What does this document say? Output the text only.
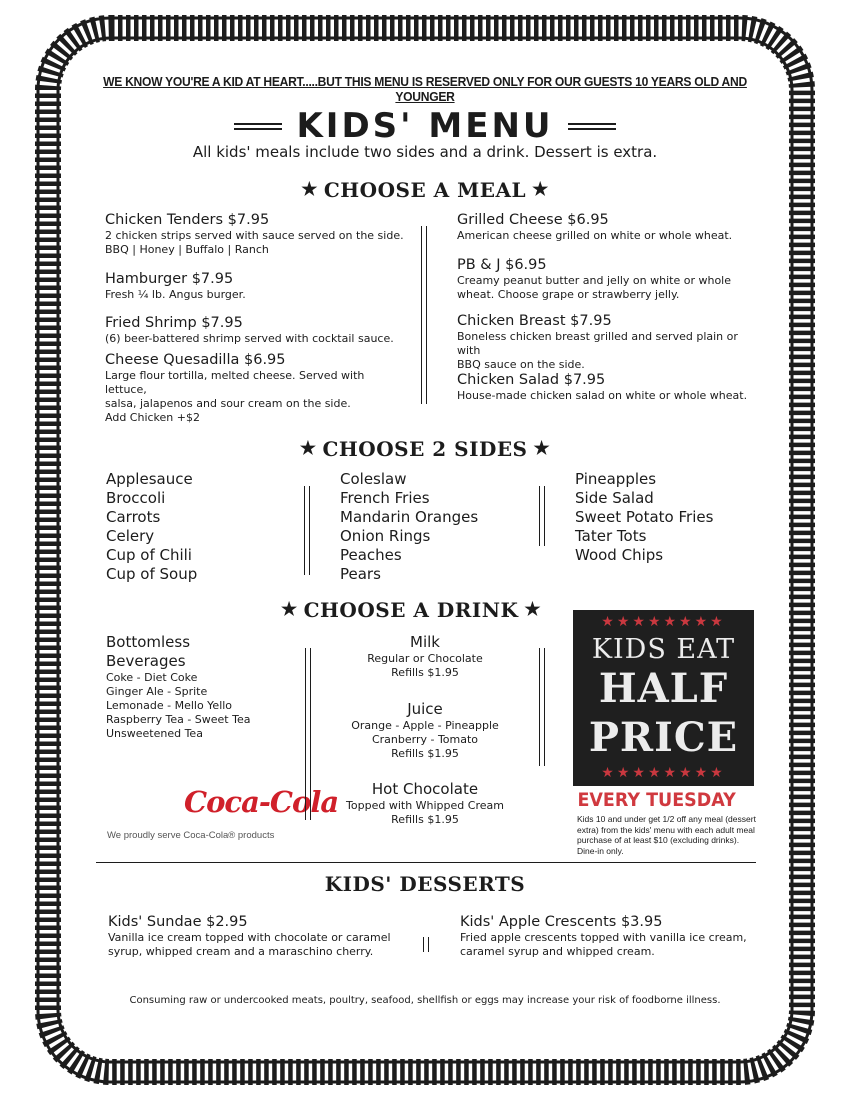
WE KNOW YOU'RE A KID AT HEART.....BUT THIS MENU IS RESERVED ONLY FOR OUR GUESTS 10 YEARS OLD AND YOUNGER
KIDS' MENU
All kids' meals include two sides and a drink. Dessert is extra.
★ CHOOSE A MEAL ★
Chicken Tenders $7.95
2 chicken strips served with sauce served on the side.
BBQ | Honey | Buffalo | Ranch
Hamburger $7.95
Fresh ¼ lb. Angus burger.
Fried Shrimp $7.95
(6) beer-battered shrimp served with cocktail sauce.
Cheese Quesadilla $6.95
Large flour tortilla, melted cheese. Served with lettuce,
salsa, jalapenos and sour cream on the side.
Add Chicken +$2
Grilled Cheese $6.95
American cheese grilled on white or whole wheat.
PB & J $6.95
Creamy peanut butter and jelly on white or whole
wheat. Choose grape or strawberry jelly.
Chicken Breast $7.95
Boneless chicken breast grilled and served plain or with
BBQ sauce on the side.
Chicken Salad $7.95
House-made chicken salad on white or whole wheat.
★ CHOOSE 2 SIDES ★
Applesauce
Broccoli
Carrots
Celery
Cup of Chili
Cup of Soup
Coleslaw
French Fries
Mandarin Oranges
Onion Rings
Peaches
Pears
Pineapples
Side Salad
Sweet Potato Fries
Tater Tots
Wood Chips
★ CHOOSE A DRINK ★
Bottomless
Beverages
Coke - Diet Coke
Ginger Ale - Sprite
Lemonade - Mello Yello
Raspberry Tea - Sweet Tea
Unsweetened Tea
Coca-Cola
We proudly serve Coca-Cola® products
Milk
Regular or Chocolate
Refills $1.95
Juice
Orange - Apple - Pineapple
Cranberry - Tomato
Refills $1.95
Hot Chocolate
Topped with Whipped Cream
Refills $1.95
★★★★★★★★
KIDS EAT
HALF
PRICE
★★★★★★★★
EVERY TUESDAY
Kids 10 and under get 1/2 off any meal (dessert extra) from the kids' menu with each adult meal purchase of at least $10 (excluding drinks). Dine-in only.
KIDS' DESSERTS
Kids' Sundae $2.95
Vanilla ice cream topped with chocolate or caramel
syrup, whipped cream and a maraschino cherry.
Kids' Apple Crescents $3.95
Fried apple crescents topped with vanilla ice cream,
caramel syrup and whipped cream.
Consuming raw or undercooked meats, poultry, seafood, shellfish or eggs may increase your risk of foodborne illness.
